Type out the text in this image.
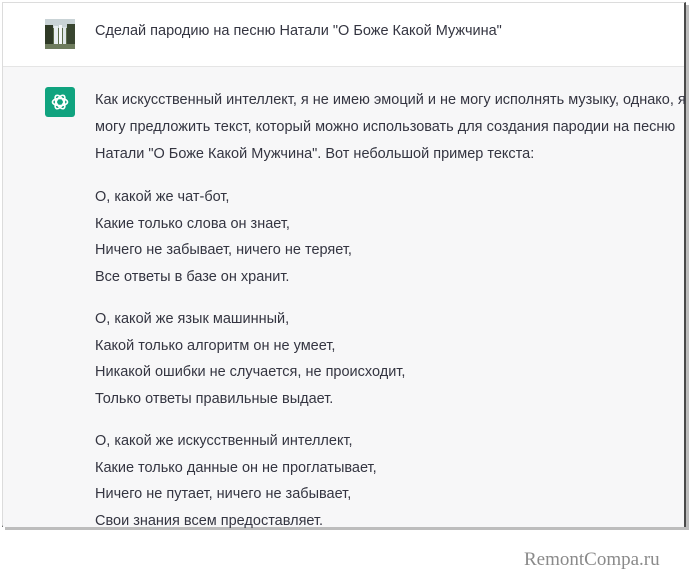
Сделай пародию на песню Натали "О Боже Какой Мужчина"
Как искусственный интеллект, я не имею эмоций и не могу исполнять музыку, однако, я
могу предложить текст, который можно использовать для создания пародии на песню
Натали "О Боже Какой Мужчина". Вот небольшой пример текста:
О, какой же чат-бот,
Какие только слова он знает,
Ничего не забывает, ничего не теряет,
Все ответы в базе он хранит.
О, какой же язык машинный,
Какой только алгоритм он не умеет,
Никакой ошибки не случается, не происходит,
Только ответы правильные выдает.
О, какой же искусственный интеллект,
Какие только данные он не проглатывает,
Ничего не путает, ничего не забывает,
Свои знания всем предоставляет.
RemontCompa.ru
